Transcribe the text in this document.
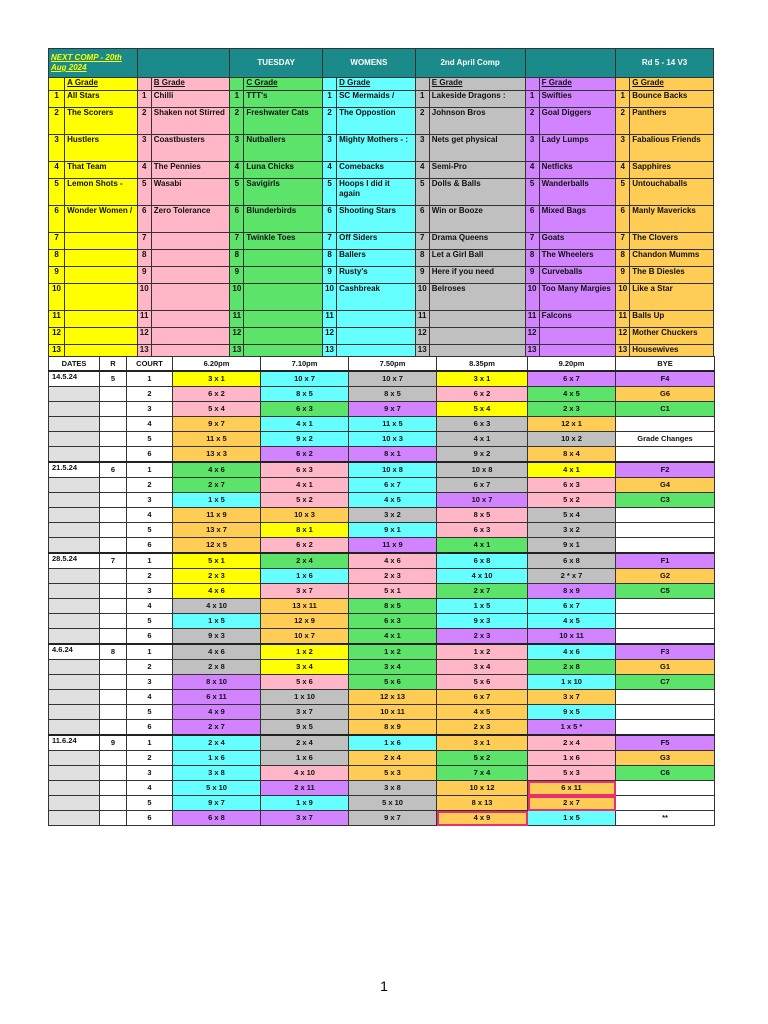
NEXT COMP - 20th Aug 2024				TUESDAY		WOMENS		2nd April Comp				Rd 5 - 14 V3	
	A Grade		B Grade		C Grade		D Grade		E Grade		F Grade		G Grade
1	All Stars	1	Chilli	1	TTT's	1	SC Mermaids /	1	Lakeside Dragons :	1	Swifties	1	Bounce Backs
2	The Scorers	2	Shaken not Stirred	2	Freshwater Cats	2	The Oppostion	2	Johnson Bros	2	Goal Diggers	2	Panthers
3	Hustlers	3	Coastbusters	3	Nutballers	3	Mighty Mothers - :	3	Nets get physical	3	Lady Lumps	3	Fabalious Friends
4	That Team	4	The Pennies	4	Luna Chicks	4	Comebacks	4	Semi-Pro	4	Netficks	4	Sapphires
5	Lemon Shots -	5	Wasabi	5	Savigirls	5	Hoops I did it again	5	Dolls & Balls	5	Wanderballs	5	Untouchaballs
6	Wonder Women /	6	Zero Tolerance	6	Blunderbirds	6	Shooting Stars	6	Win or Booze	6	Mixed Bags	6	Manly Mavericks
7		7		7	Twinkle Toes	7	Off Siders	7	Drama Queens	7	Goats	7	The Clovers
8		8		8		8	Ballers	8	Let a Girl Ball	8	The Wheelers	8	Chandon Mumms
9		9		9		9	Rusty's	9	Here if you need	9	Curveballs	9	The B Diesles
10		10		10		10	Cashbreak	10	Belroses	10	Too Many Margies	10	Like a Star
11		11		11		11		11		11	Falcons	11	Balls Up
12		12		12		12		12		12		12	Mother Chuckers
13		13		13		13		13		13		13	Housewives
DATES	R	COURT	6.20pm	7.10pm	7.50pm	8.35pm	9.20pm	BYE
14.5.24	5	1	3 x 1	10 x 7	10 x 7	3 x 1	6 x 7	F4
		2	6 x 2	8 x 5	8 x 5	6 x 2	4 x 5	G6
		3	5 x 4	6 x 3	9 x 7	5 x 4	2 x 3	C1
		4	9 x 7	4 x 1	11 x 5	6 x 3	12 x 1	
		5	11 x 5	9 x 2	10 x 3	4 x 1	10 x 2	Grade Changes
		6	13 x 3	6 x 2	8 x 1	9 x 2	8 x 4	
21.5.24	6	1	4 x 6	6 x 3	10 x 8	10 x 8	4 x 1	F2
		2	2 x 7	4 x 1	6 x 7	6 x 7	6 x 3	G4
		3	1 x 5	5 x 2	4 x 5	10 x 7	5 x 2	C3
		4	11 x 9	10 x 3	3 x 2	8 x 5	5 x 4	
		5	13 x 7	8 x 1	9 x 1	6 x 3	3 x 2	
		6	12 x 5	6 x 2	11 x 9	4 x 1	9 x 1	
28.5.24	7	1	5 x 1	2 x 4	4 x 6	6 x 8	6 x 8	F1
		2	2 x 3	1 x 6	2 x 3	4 x 10	2 * x 7	G2
		3	4 x 6	3 x 7	5 x 1	2 x 7	8 x 9	C5
		4	4 x 10	13 x 11	8 x 5	1 x 5	6 x 7	
		5	1 x 5	12 x 9	6 x 3	9 x 3	4 x 5	
		6	9 x 3	10 x 7	4 x 1	2 x 3	10 x 11	
4.6.24	8	1	4 x 6	1 x 2	1 x 2	1 x 2	4 x 6	F3
		2	2 x 8	3 x 4	3 x 4	3 x 4	2 x 8	G1
		3	8 x 10	5 x 6	5 x 6	5 x 6	1 x 10	C7
		4	6 x 11	1 x 10	12 x 13	6 x 7	3 x 7	
		5	4 x 9	3 x 7	10 x 11	4 x 5	9 x 5	
		6	2 x 7	9 x 5	8 x 9	2 x 3	1 x 5 *	
11.6.24	9	1	2 x 4	2 x 4	1 x 6	3 x 1	2 x 4	F5
		2	1 x 6	1 x 6	2 x 4	5 x 2	1 x 6	G3
		3	3 x 8	4 x 10	5 x 3	7 x 4	5 x 3	C6
		4	5 x 10	2 x 11	3 x 8	10 x 12	6 x 11	
		5	9 x 7	1 x 9	5 x 10	8 x 13	2 x 7	
		6	6 x 8	3 x 7	9 x 7	4 x 9	1 x 5	**
1
